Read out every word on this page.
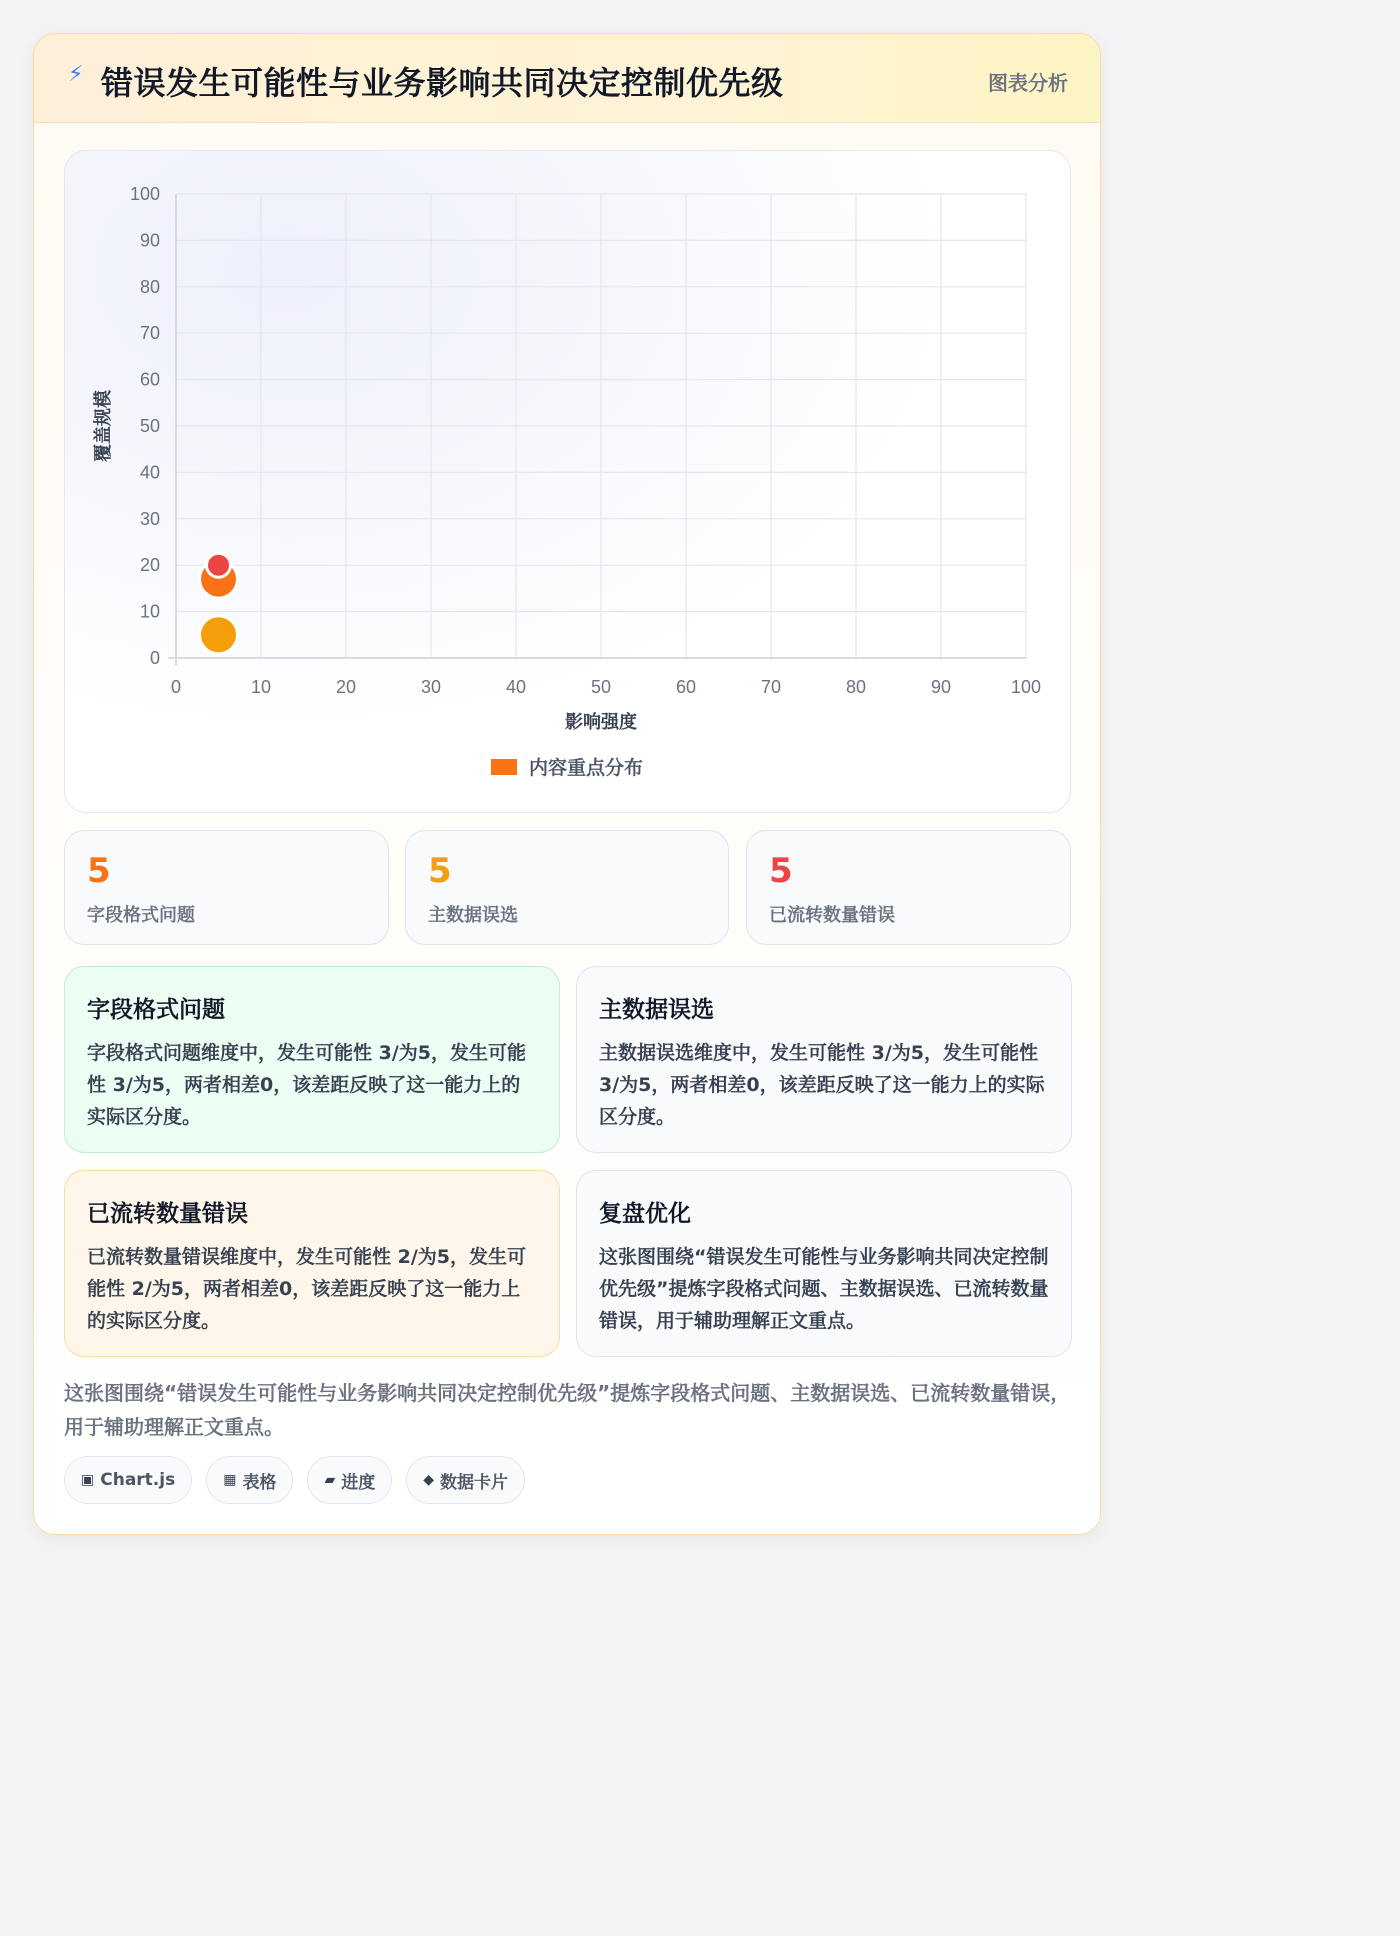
⚡ 错误发生可能性与业务影响共同决定控制优先级	图表分析
0	10	20	30	40	50	60	70	80	90	100
0
10
20
30
40
50
60
70
80
90
100
影响强度
覆盖规模
内容重点分布
5
字段格式问题
5
主数据误选
5
已流转数量错误
字段格式问题
字段格式问题维度中，发生可能性 3/为5，发生可能性 3/为5，两者相差0，该差距反映了这一能力上的实际区分度。
主数据误选
主数据误选维度中，发生可能性 3/为5，发生可能性 3/为5，两者相差0，该差距反映了这一能力上的实际区分度。
已流转数量错误
已流转数量错误维度中，发生可能性 2/为5，发生可能性 2/为5，两者相差0，该差距反映了这一能力上的实际区分度。
复盘优化
这张图围绕“错误发生可能性与业务影响共同决定控制优先级”提炼字段格式问题、主数据误选、已流转数量错误，用于辅助理解正文重点。
这张图围绕“错误发生可能性与业务影响共同决定控制优先级”提炼字段格式问题、主数据误选、已流转数量错误，用于辅助理解正文重点。
▣ Chart.js	▦ 表格	▰ 进度	◆ 数据卡片
